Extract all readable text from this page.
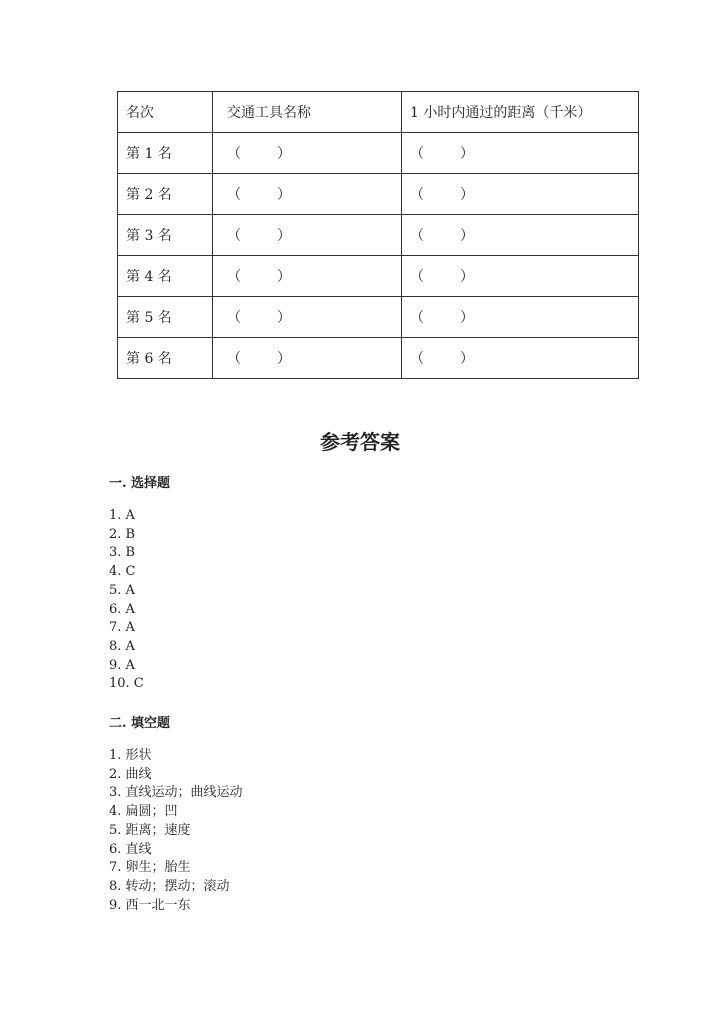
名次	交通工具名称	1 小时内通过的距离（千米）
第 1 名	（ ）	（ ）
第 2 名	（ ）	（ ）
第 3 名	（ ）	（ ）
第 4 名	（ ）	（ ）
第 5 名	（ ）	（ ）
第 6 名	（ ）	（ ）
参考答案
一. 选择题
1. A
2. B
3. B
4. C
5. A
6. A
7. A
8. A
9. A
10. C
二. 填空题
1. 形状
2. 曲线
3. 直线运动；曲线运动
4. 扁圆；凹
5. 距离；速度
6. 直线
7. 卵生；胎生
8. 转动；摆动；滚动
9. 西一北一东
